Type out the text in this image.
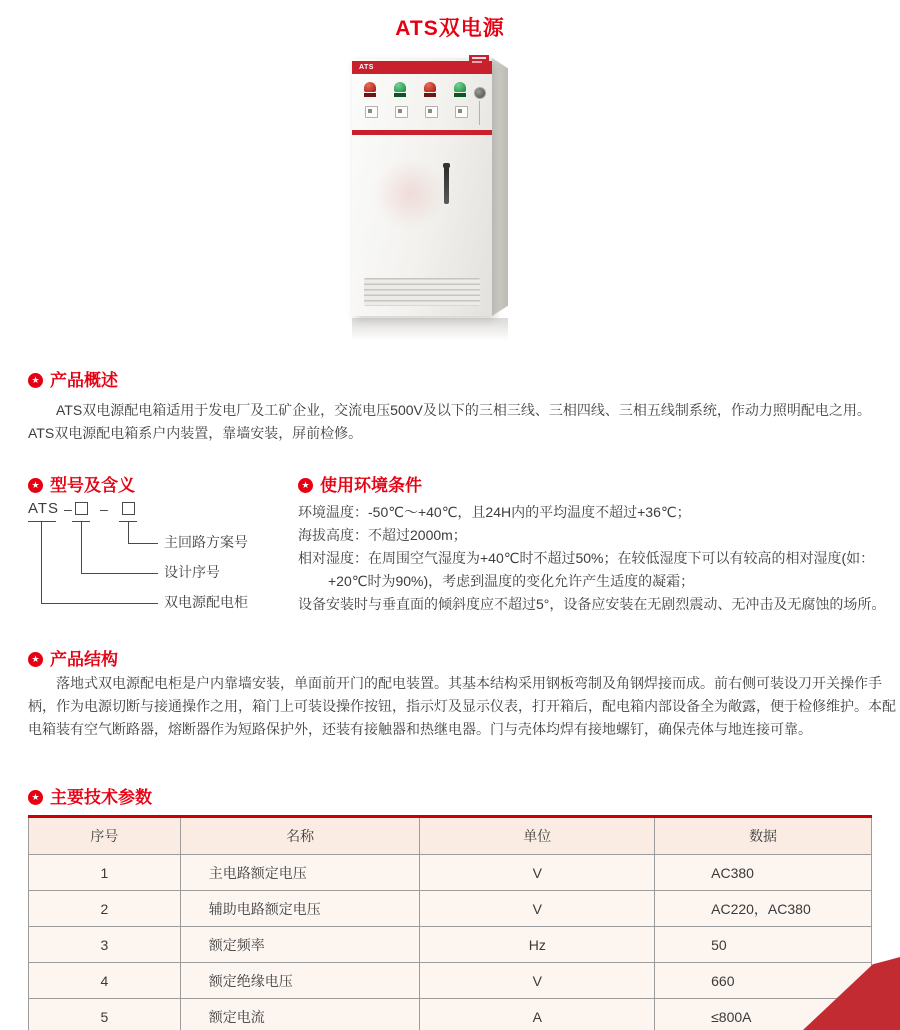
ATS双电源
ATS
★
产品概述
ATS双电源配电箱适用于发电厂及工矿企业，交流电压500V及以下的三相三线、三相四线、三相五线制系统，作动力照明配电之用。
ATS双电源配电箱系户内装置，靠墙安装，屏前检修。
★
型号及含义
ATS – –
主回路方案号
设计序号
双电源配电柜
★
使用环境条件
环境温度：-50℃～+40℃，且24H内的平均温度不超过+36℃；
海拔高度：不超过2000m；
相对湿度：在周围空气湿度为+40℃时不超过50%；在较低湿度下可以有较高的相对湿度(如：
+20℃时为90%)，考虑到温度的变化允许产生适度的凝霜；
设备安装时与垂直面的倾斜度应不超过5°，设备应安装在无剧烈震动、无冲击及无腐蚀的场所。
★
产品结构
落地式双电源配电柜是户内靠墙安装，单面前开门的配电装置。其基本结构采用钢板弯制及角钢焊接而成。前右侧可装设刀开关操作手
柄，作为电源切断与接通操作之用，箱门上可装设操作按钮，指示灯及显示仪表，打开箱后，配电箱内部设备全为敞露，便于检修维护。本配
电箱装有空气断路器，熔断器作为短路保护外，还装有接触器和热继电器。门与壳体均焊有接地螺钉，确保壳体与地连接可靠。
★
主要技术参数
序号	名称	单位	数据
1	主电路额定电压	V	AC380
2	辅助电路额定电压	V	AC220，AC380
3	额定频率	Hz	50
4	额定绝缘电压	V	660
5	额定电流	A	≤800A
